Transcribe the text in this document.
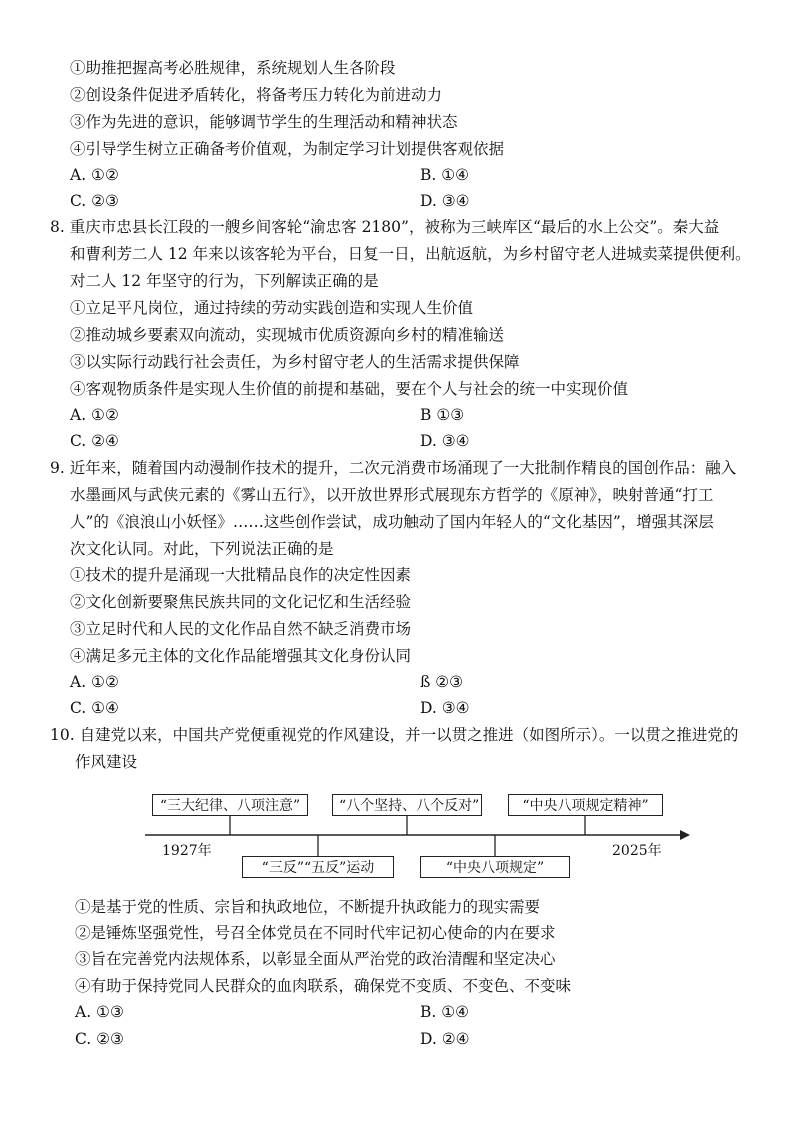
①助推把握高考必胜规律，系统规划人生各阶段
②创设条件促进矛盾转化，将备考压力转化为前进动力
③作为先进的意识，能够调节学生的生理活动和精神状态
④引导学生树立正确备考价值观，为制定学习计划提供客观依据
A. ①②	B. ①④
C. ②③	D. ③④
8. 重庆市忠县长江段的一艘乡间客轮“渝忠客 2180”，被称为三峡库区“最后的水上公交”。秦大益
和曹利芳二人 12 年来以该客轮为平台，日复一日，出航返航，为乡村留守老人进城卖菜提供便利。
对二人 12 年坚守的行为，下列解读正确的是
①立足平凡岗位，通过持续的劳动实践创造和实现人生价值
②推动城乡要素双向流动，实现城市优质资源向乡村的精准输送
③以实际行动践行社会责任，为乡村留守老人的生活需求提供保障
④客观物质条件是实现人生价值的前提和基础，要在个人与社会的统一中实现价值
A. ①②	B ①③
C. ②④	D. ③④
9. 近年来，随着国内动漫制作技术的提升，二次元消费市场涌现了一大批制作精良的国创作品：融入
水墨画风与武侠元素的《雾山五行》，以开放世界形式展现东方哲学的《原神》，映射普通“打工
人”的《浪浪山小妖怪》……这些创作尝试，成功触动了国内年轻人的“文化基因”，增强其深层
次文化认同。对此，下列说法正确的是
①技术的提升是涌现一大批精品良作的决定性因素
②文化创新要聚焦民族共同的文化记忆和生活经验
③立足时代和人民的文化作品自然不缺乏消费市场
④满足多元主体的文化作品能增强其文化身份认同
A. ①②	ß ②③
C. ①④	D. ③④
10. 自建党以来，中国共产党便重视党的作风建设，并一以贯之推进（如图所示）。一以贯之推进党的
作风建设
“三大纪律、八项注意”	“八个坚持、八个反对”	“中央八项规定精神”
“三反”“五反”运动	“中央八项规定”
1927年	2025年
①是基于党的性质、宗旨和执政地位，不断提升执政能力的现实需要
②是锤炼坚强党性，号召全体党员在不同时代牢记初心使命的内在要求
③旨在完善党内法规体系，以彰显全面从严治党的政治清醒和坚定决心
④有助于保持党同人民群众的血肉联系，确保党不变质、不变色、不变味
A. ①③	B. ①④
C. ②③	D. ②④
